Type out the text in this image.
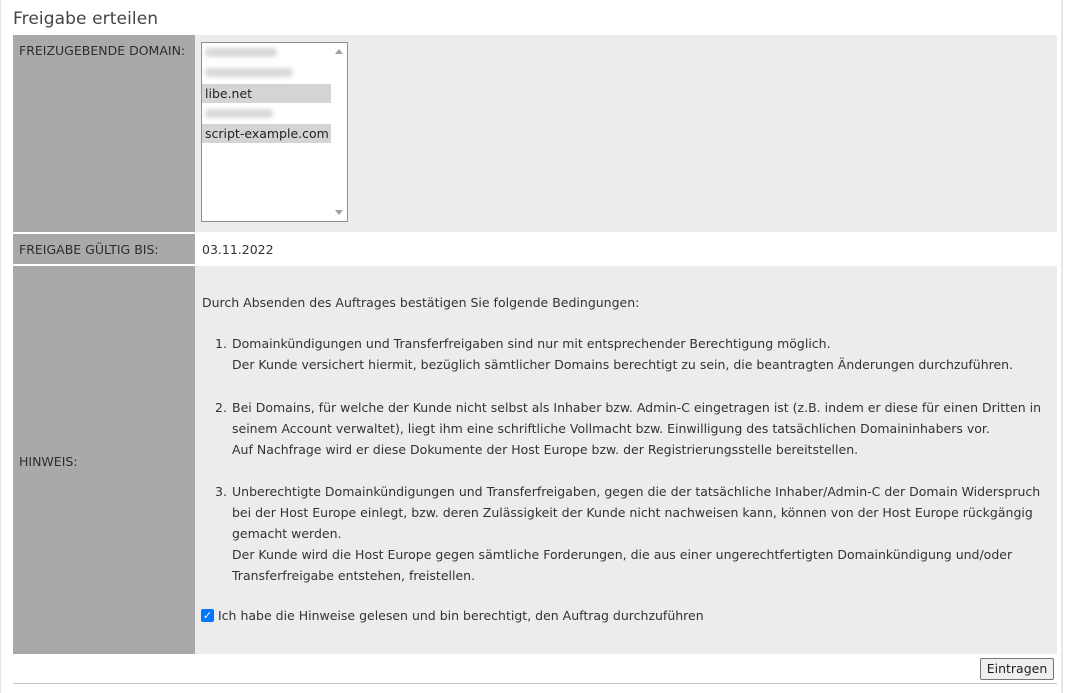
Freigabe erteilen
FREIZUGEBENDE DOMAIN:
libe.net
script-example.com
FREIGABE GÜLTIG BIS:	03.11.2022
HINWEIS:
Durch Absenden des Auftrages bestätigen Sie folgende Bedingungen:
1. Domainkündigungen und Transferfreigaben sind nur mit entsprechender Berechtigung möglich.
Der Kunde versichert hiermit, bezüglich sämtlicher Domains berechtigt zu sein, die beantragten Änderungen durchzuführen.
2. Bei Domains, für welche der Kunde nicht selbst als Inhaber bzw. Admin-C eingetragen ist (z.B. indem er diese für einen Dritten in
seinem Account verwaltet), liegt ihm eine schriftliche Vollmacht bzw. Einwilligung des tatsächlichen Domaininhabers vor.
Auf Nachfrage wird er diese Dokumente der Host Europe bzw. der Registrierungsstelle bereitstellen.
3. Unberechtigte Domainkündigungen und Transferfreigaben, gegen die der tatsächliche Inhaber/Admin-C der Domain Widerspruch
bei der Host Europe einlegt, bzw. deren Zulässigkeit der Kunde nicht nachweisen kann, können von der Host Europe rückgängig
gemacht werden.
Der Kunde wird die Host Europe gegen sämtliche Forderungen, die aus einer ungerechtfertigten Domainkündigung und/oder
Transferfreigabe entstehen, freistellen.
✓ Ich habe die Hinweise gelesen und bin berechtigt, den Auftrag durchzuführen
Eintragen
